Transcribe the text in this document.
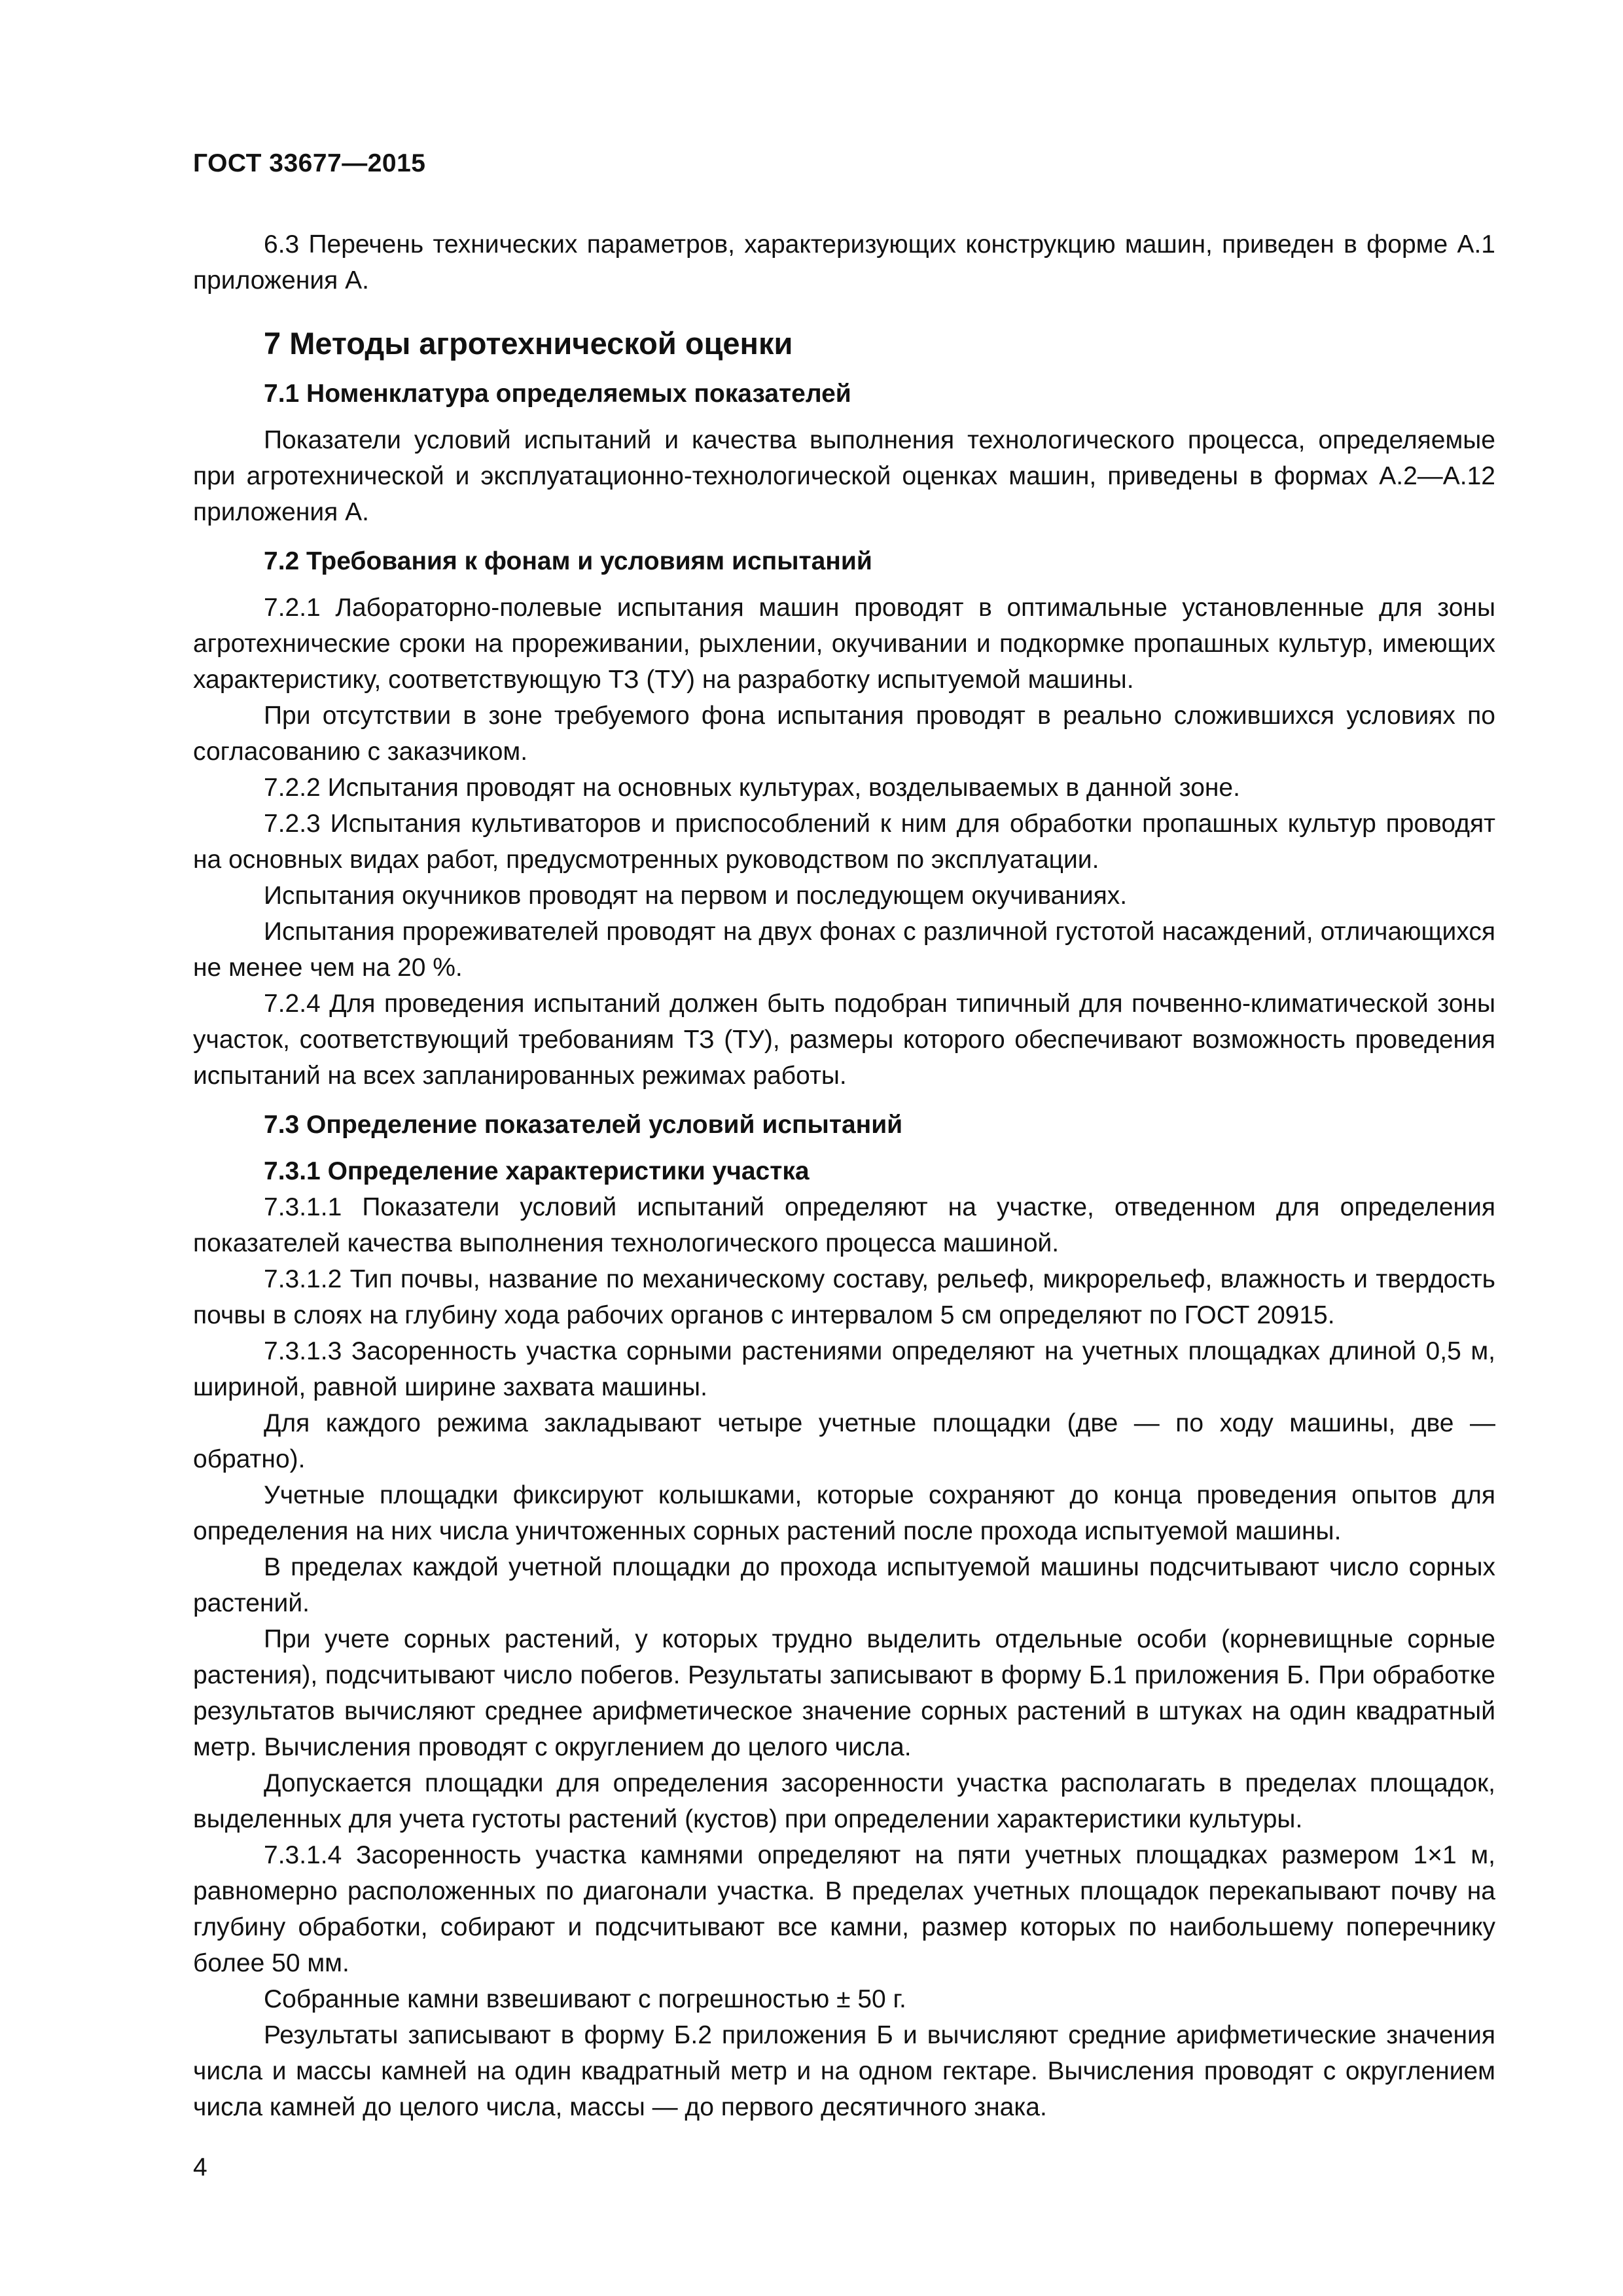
ГОСТ 33677—2015

6.3 Перечень технических параметров, характеризующих конструкцию машин, приведен в форме А.1 приложения А.

7 Методы агротехнической оценки
7.1 Номенклатура определяемых показателей

Показатели условий испытаний и качества выполнения технологического процесса, определяемые при агротехнической и эксплуатационно-технологической оценках машин, приведены в формах А.2—А.12 приложения А.

7.2 Требования к фонам и условиям испытаний

7.2.1 Лабораторно-полевые испытания машин проводят в оптимальные установленные для зоны агротехнические сроки на прореживании, рыхлении, окучивании и подкормке пропашных культур, имеющих характеристику, соответствующую ТЗ (ТУ) на разработку испытуемой машины.

При отсутствии в зоне требуемого фона испытания проводят в реально сложившихся условиях по согласованию с заказчиком.

7.2.2 Испытания проводят на основных культурах, возделываемых в данной зоне.

7.2.3 Испытания культиваторов и приспособлений к ним для обработки пропашных культур проводят на основных видах работ, предусмотренных руководством по эксплуатации.

Испытания окучников проводят на первом и последующем окучиваниях.

Испытания прореживателей проводят на двух фонах с различной густотой насаждений, отличающихся не менее чем на 20 %.

7.2.4 Для проведения испытаний должен быть подобран типичный для почвенно-климатической зоны участок, соответствующий требованиям ТЗ (ТУ), размеры которого обеспечивают возможность проведения испытаний на всех запланированных режимах работы.

7.3 Определение показателей условий испытаний
7.3.1 Определение характеристики участка

7.3.1.1 Показатели условий испытаний определяют на участке, отведенном для определения показателей качества выполнения технологического процесса машиной.

7.3.1.2 Тип почвы, название по механическому составу, рельеф, микрорельеф, влажность и твердость почвы в слоях на глубину хода рабочих органов с интервалом 5 см определяют по ГОСТ 20915.

7.3.1.3 Засоренность участка сорными растениями определяют на учетных площадках длиной 0,5 м, шириной, равной ширине захвата машины.

Для каждого режима закладывают четыре учетные площадки (две — по ходу машины, две — обратно).

Учетные площадки фиксируют колышками, которые сохраняют до конца проведения опытов для определения на них числа уничтоженных сорных растений после прохода испытуемой машины.

В пределах каждой учетной площадки до прохода испытуемой машины подсчитывают число сорных растений.

При учете сорных растений, у которых трудно выделить отдельные особи (корневищные сорные растения), подсчитывают число побегов. Результаты записывают в форму Б.1 приложения Б. При обработке результатов вычисляют среднее арифметическое значение сорных растений в штуках на один квадратный метр. Вычисления проводят с округлением до целого числа.

Допускается площадки для определения засоренности участка располагать в пределах площадок, выделенных для учета густоты растений (кустов) при определении характеристики культуры.

7.3.1.4 Засоренность участка камнями определяют на пяти учетных площадках размером 1×1 м, равномерно расположенных по диагонали участка. В пределах учетных площадок перекапывают почву на глубину обработки, собирают и подсчитывают все камни, размер которых по наибольшему поперечнику более 50 мм.

Собранные камни взвешивают с погрешностью ± 50 г.

Результаты записывают в форму Б.2 приложения Б и вычисляют средние арифметические значения числа и массы камней на один квадратный метр и на одном гектаре. Вычисления проводят с округлением числа камней до целого числа, массы — до первого десятичного знака.

4
